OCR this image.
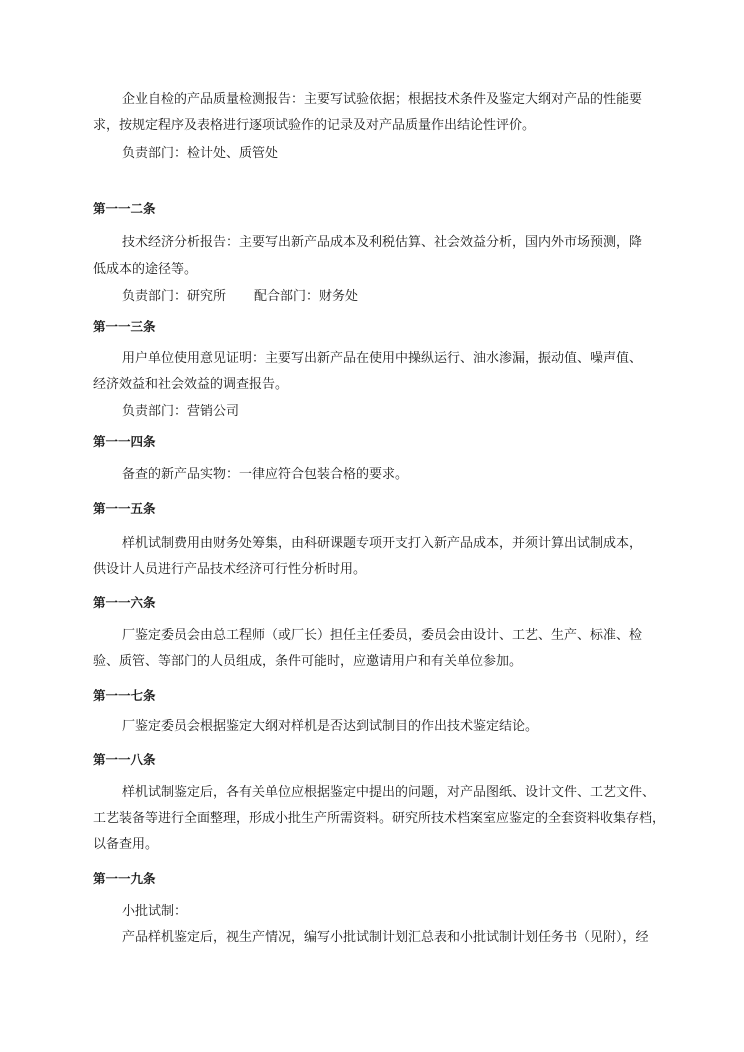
企业自检的产品质量检测报告：主要写试验依据；根据技术条件及鉴定大纲对产品的性能要
求，按规定程序及表格进行逐项试验作的记录及对产品质量作出结论性评价。
负责部门：检计处、质管处
第一一二条
技术经济分析报告：主要写出新产品成本及利税估算、社会效益分析，国内外市场预测，降
低成本的途径等。
负责部门：研究所 配合部门：财务处
第一一三条
用户单位使用意见证明：主要写出新产品在使用中操纵运行、油水渗漏，振动值、噪声值、
经济效益和社会效益的调查报告。
负责部门：营销公司
第一一四条
备查的新产品实物：一律应符合包装合格的要求。
第一一五条
样机试制费用由财务处筹集，由科研课题专项开支打入新产品成本，并须计算出试制成本，
供设计人员进行产品技术经济可行性分析时用。
第一一六条
厂鉴定委员会由总工程师（或厂长）担任主任委员，委员会由设计、工艺、生产、标准、检
验、质管、等部门的人员组成，条件可能时，应邀请用户和有关单位参加。
第一一七条
厂鉴定委员会根据鉴定大纲对样机是否达到试制目的作出技术鉴定结论。
第一一八条
样机试制鉴定后，各有关单位应根据鉴定中提出的问题，对产品图纸、设计文件、工艺文件、
工艺装备等进行全面整理，形成小批生产所需资料。研究所技术档案室应鉴定的全套资料收集存档，
以备查用。
第一一九条
小批试制：
产品样机鉴定后，视生产情况，编写小批试制计划汇总表和小批试制计划任务书（见附），经
